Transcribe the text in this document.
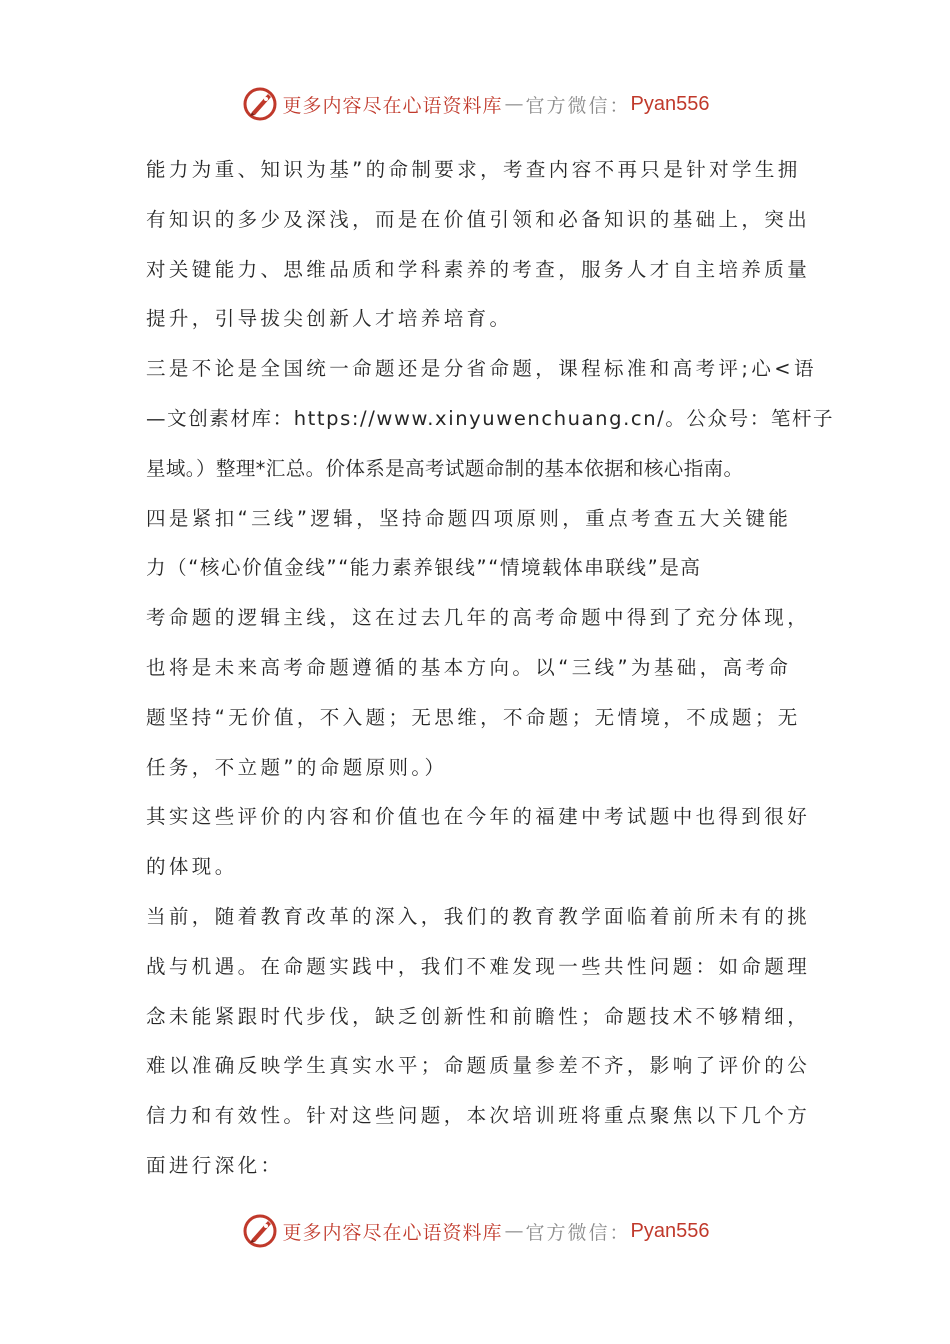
更多内容尽在心语资料库 — 官方微信： Pyan556
能力为重、知识为基”的命制要求，考查内容不再只是针对学生拥
有知识的多少及深浅，而是在价值引领和必备知识的基础上，突出
对关键能力、思维品质和学科素养的考查，服务人才自主培养质量
提升，引导拔尖创新人才培养培育。
三是不论是全国统一命题还是分省命题，课程标准和高考评;心<语
—文创素材库：https://www.xinyuwenchuang.cn/。公众号：笔杆子
星域。）整理*汇总。价体系是高考试题命制的基本依据和核心指南。
四是紧扣“三线”逻辑，坚持命题四项原则，重点考查五大关键能
力（“核心价值金线”“能力素养银线”“情境载体串联线”是高
考命题的逻辑主线，这在过去几年的高考命题中得到了充分体现，
也将是未来高考命题遵循的基本方向。以“三线”为基础，高考命
题坚持“无价值，不入题；无思维，不命题；无情境，不成题；无
任务，不立题”的命题原则。）
其实这些评价的内容和价值也在今年的福建中考试题中也得到很好
的体现。
当前，随着教育改革的深入，我们的教育教学面临着前所未有的挑
战与机遇。在命题实践中，我们不难发现一些共性问题：如命题理
念未能紧跟时代步伐，缺乏创新性和前瞻性；命题技术不够精细，
难以准确反映学生真实水平；命题质量参差不齐，影响了评价的公
信力和有效性。针对这些问题，本次培训班将重点聚焦以下几个方
面进行深化：
更多内容尽在心语资料库 — 官方微信： Pyan556
